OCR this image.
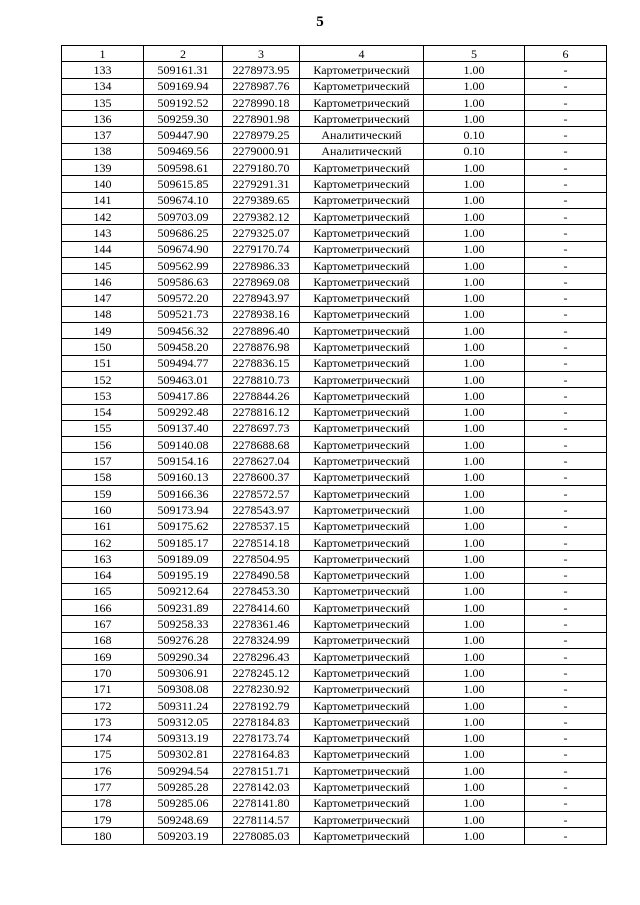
5
1	2	3	4	5	6
133	509161.31	2278973.95	Картометрический	1.00	-
134	509169.94	2278987.76	Картометрический	1.00	-
135	509192.52	2278990.18	Картометрический	1.00	-
136	509259.30	2278901.98	Картометрический	1.00	-
137	509447.90	2278979.25	Аналитический	0.10	-
138	509469.56	2279000.91	Аналитический	0.10	-
139	509598.61	2279180.70	Картометрический	1.00	-
140	509615.85	2279291.31	Картометрический	1.00	-
141	509674.10	2279389.65	Картометрический	1.00	-
142	509703.09	2279382.12	Картометрический	1.00	-
143	509686.25	2279325.07	Картометрический	1.00	-
144	509674.90	2279170.74	Картометрический	1.00	-
145	509562.99	2278986.33	Картометрический	1.00	-
146	509586.63	2278969.08	Картометрический	1.00	-
147	509572.20	2278943.97	Картометрический	1.00	-
148	509521.73	2278938.16	Картометрический	1.00	-
149	509456.32	2278896.40	Картометрический	1.00	-
150	509458.20	2278876.98	Картометрический	1.00	-
151	509494.77	2278836.15	Картометрический	1.00	-
152	509463.01	2278810.73	Картометрический	1.00	-
153	509417.86	2278844.26	Картометрический	1.00	-
154	509292.48	2278816.12	Картометрический	1.00	-
155	509137.40	2278697.73	Картометрический	1.00	-
156	509140.08	2278688.68	Картометрический	1.00	-
157	509154.16	2278627.04	Картометрический	1.00	-
158	509160.13	2278600.37	Картометрический	1.00	-
159	509166.36	2278572.57	Картометрический	1.00	-
160	509173.94	2278543.97	Картометрический	1.00	-
161	509175.62	2278537.15	Картометрический	1.00	-
162	509185.17	2278514.18	Картометрический	1.00	-
163	509189.09	2278504.95	Картометрический	1.00	-
164	509195.19	2278490.58	Картометрический	1.00	-
165	509212.64	2278453.30	Картометрический	1.00	-
166	509231.89	2278414.60	Картометрический	1.00	-
167	509258.33	2278361.46	Картометрический	1.00	-
168	509276.28	2278324.99	Картометрический	1.00	-
169	509290.34	2278296.43	Картометрический	1.00	-
170	509306.91	2278245.12	Картометрический	1.00	-
171	509308.08	2278230.92	Картометрический	1.00	-
172	509311.24	2278192.79	Картометрический	1.00	-
173	509312.05	2278184.83	Картометрический	1.00	-
174	509313.19	2278173.74	Картометрический	1.00	-
175	509302.81	2278164.83	Картометрический	1.00	-
176	509294.54	2278151.71	Картометрический	1.00	-
177	509285.28	2278142.03	Картометрический	1.00	-
178	509285.06	2278141.80	Картометрический	1.00	-
179	509248.69	2278114.57	Картометрический	1.00	-
180	509203.19	2278085.03	Картометрический	1.00	-
